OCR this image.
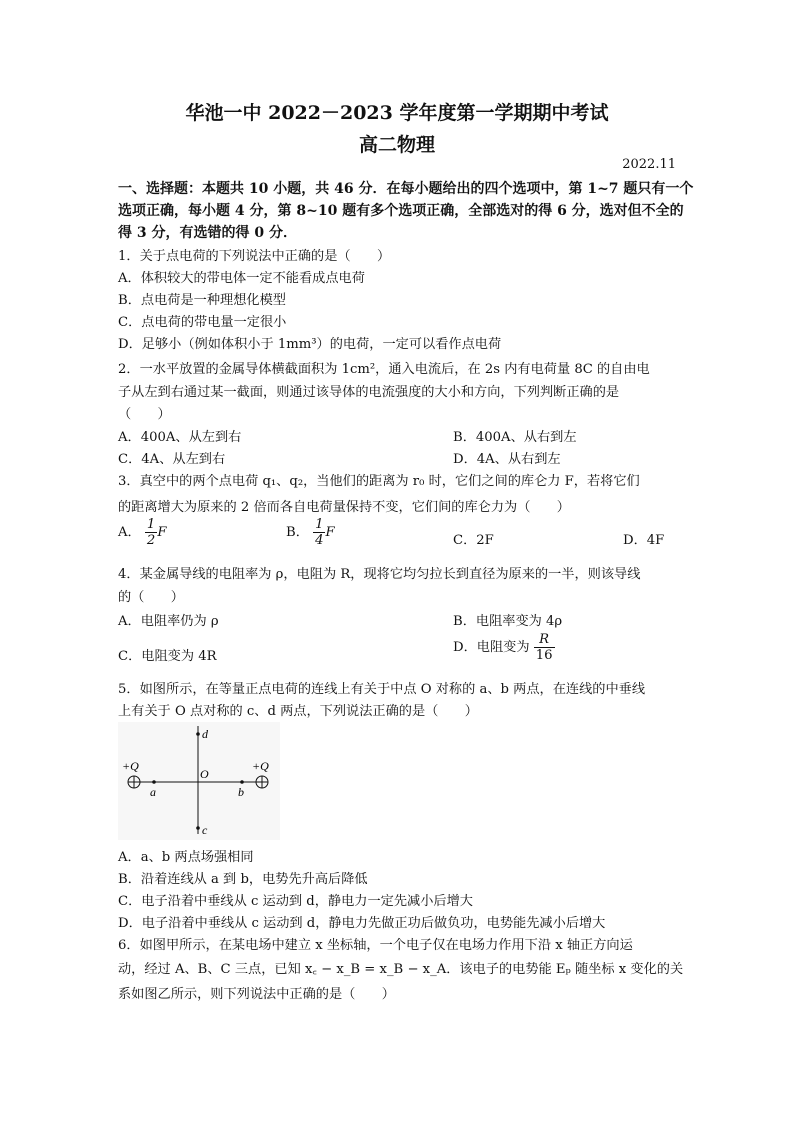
华池一中 2022－2023 学年度第一学期期中考试
高二物理
2022.11
一、选择题：本题共 10 小题，共 46 分．在每小题给出的四个选项中，第 1~7 题只有一个
选项正确，每小题 4 分，第 8~10 题有多个选项正确，全部选对的得 6 分，选对但不全的
得 3 分，有选错的得 0 分．
1．关于点电荷的下列说法中正确的是（　　）
A．体积较大的带电体一定不能看成点电荷
B．点电荷是一种理想化模型
C．点电荷的带电量一定很小
D．足够小（例如体积小于 1mm³）的电荷，一定可以看作点电荷
2．一水平放置的金属导体横截面积为 1cm²，通入电流后，在 2s 内有电荷量 8C 的自由电
子从左到右通过某一截面，则通过该导体的电流强度的大小和方向，下列判断正确的是
（　　）
A．400A、从左到右	B．400A、从右到左
C．4A、从左到右	D．4A、从右到左
3．真空中的两个点电荷 q₁、q₂，当他们的距离为 r₀ 时，它们之间的库仑力 F，若将它们
的距离增大为原来的 2 倍而各自电荷量保持不变，它们间的库仑力为（　　）
A． $\frac{1}{2}$ F	B． $\frac{1}{4}$ F
C．2F	D．4F
4．某金属导线的电阻率为 ρ，电阻为 R，现将它均匀拉长到直径为原来的一半，则该导线
的（　　）
A．电阻率仍为 ρ	B．电阻率变为 4ρ
C．电阻变为 4R
D．电阻变为 $\frac{R}{16}$
5．如图所示，在等量正点电荷的连线上有关于中点 O 对称的 a、b 两点，在连线的中垂线
上有关于 O 点对称的 c、d 两点，下列说法正确的是（　　）
+Q	+Q
a	b
O
d
c
A．a、b 两点场强相同
B．沿着连线从 a 到 b，电势先升高后降低
C．电子沿着中垂线从 c 运动到 d，静电力一定先减小后增大
D．电子沿着中垂线从 c 运动到 d，静电力先做正功后做负功，电势能先减小后增大
6．如图甲所示，在某电场中建立 x 坐标轴，一个电子仅在电场力作用下沿 x 轴正方向运
动，经过 A、B、C 三点，已知 x꜀ − x_B = x_B − x_A．该电子的电势能 Eₚ 随坐标 x 变化的关
系如图乙所示，则下列说法中正确的是（　　）
